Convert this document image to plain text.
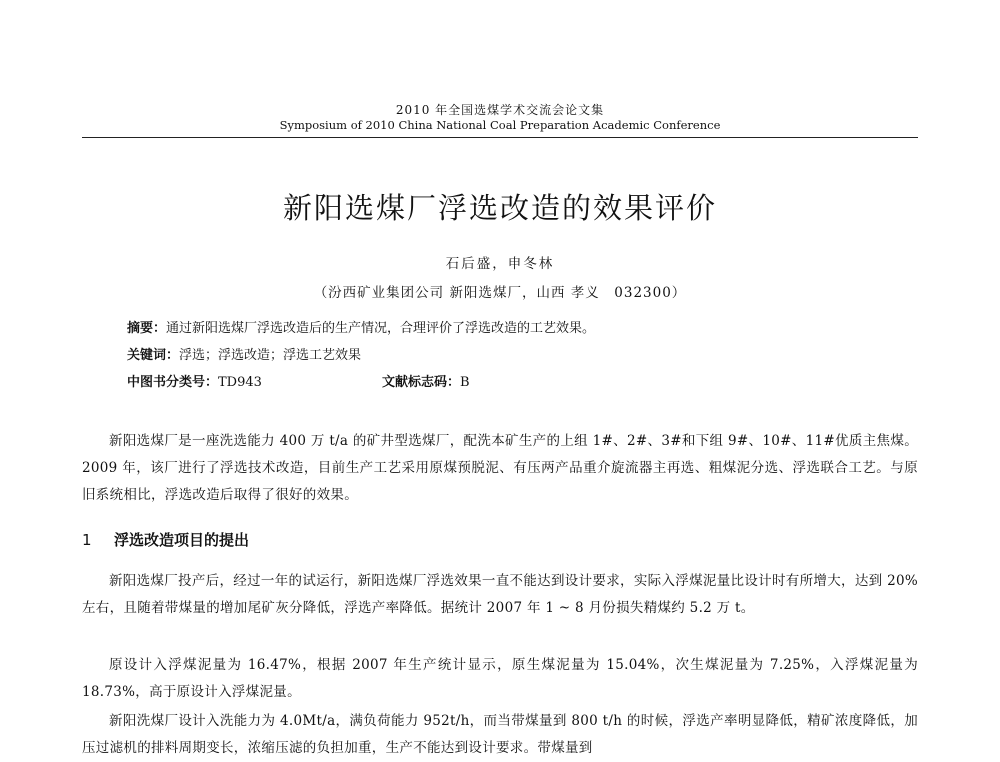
2010 年全国选煤学术交流会论文集
Symposium of 2010 China National Coal Preparation Academic Conference
新阳选煤厂浮选改造的效果评价
石后盛，申冬林
（汾西矿业集团公司 新阳选煤厂，山西 孝义　032300）
摘要：通过新阳选煤厂浮选改造后的生产情况，合理评价了浮选改造的工艺效果。
关键词：浮选；浮选改造；浮选工艺效果
中图书分类号：TD943	文献标志码：B
新阳选煤厂是一座洗选能力 400 万 t/a 的矿井型选煤厂，配洗本矿生产的上组 1#、2#、3#和下组 9#、10#、11#优质主焦煤。2009 年，该厂进行了浮选技术改造，目前生产工艺采用原煤预脱泥、有压两产品重介旋流器主再选、粗煤泥分选、浮选联合工艺。与原旧系统相比，浮选改造后取得了很好的效果。
1 浮选改造项目的提出
新阳选煤厂投产后，经过一年的试运行，新阳选煤厂浮选效果一直不能达到设计要求，实际入浮煤泥量比设计时有所增大，达到 20% 左右，且随着带煤量的增加尾矿灰分降低，浮选产率降低。据统计 2007 年 1 ~ 8 月份损失精煤约 5.2 万 t。
原设计入浮煤泥量为 16.47%，根据 2007 年生产统计显示，原生煤泥量为 15.04%，次生煤泥量为 7.25%，入浮煤泥量为 18.73%，高于原设计入浮煤泥量。
新阳洗煤厂设计入洗能力为 4.0Mt/a，满负荷能力 952t/h，而当带煤量到 800 t/h 的时候，浮选产率明显降低，精矿浓度降低，加压过滤机的排料周期变长，浓缩压滤的负担加重，生产不能达到设计要求。带煤量到
